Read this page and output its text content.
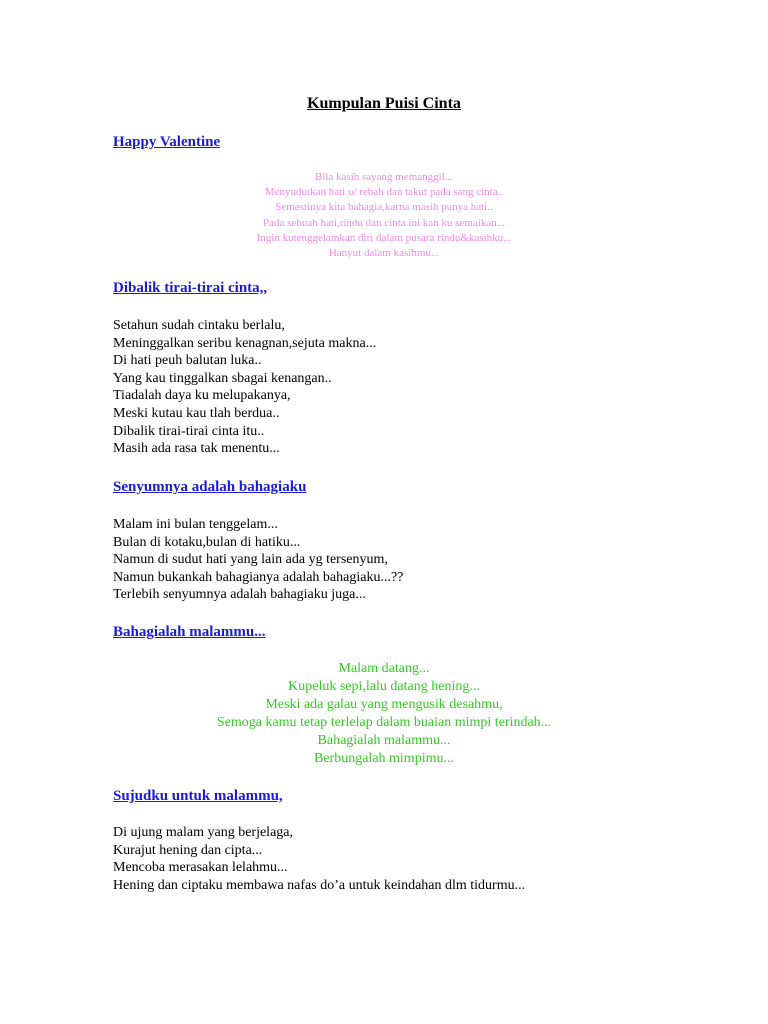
Kumpulan Puisi Cinta
Happy Valentine
Bila kasih sayang memanggil...
Menyudutkan hati u/ rebah dan takut pada sang cinta..
Semestinya kita bahagia,karna masih punya hati..
Pada sebuah hati,rindu dan cinta ini kan ku semaikan...
Ingin kutenggelamkan diri dalam pusara rindu&kasihku...
Hanyut dalam kasihmu...
Dibalik tirai-tirai cinta,,
Setahun sudah cintaku berlalu,
Meninggalkan seribu kenagnan,sejuta makna...
Di hati peuh balutan luka..
Yang kau tinggalkan sbagai kenangan..
Tiadalah daya ku melupakanya,
Meski kutau kau tlah berdua..
Dibalik tirai-tirai cinta itu..
Masih ada rasa tak menentu...
Senyumnya adalah bahagiaku
Malam ini bulan tenggelam...
Bulan di kotaku,bulan di hatiku...
Namun di sudut hati yang lain ada yg tersenyum,
Namun bukankah bahagianya adalah bahagiaku...??
Terlebih senyumnya adalah bahagiaku juga...
Bahagialah malammu...
Malam datang...
Kupeluk sepi,lalu datang hening...
Meski ada galau yang mengusik desahmu,
Semoga kamu tetap terlelap dalam buaian mimpi terindah...
Bahagialah malammu...
Berbungalah mimpimu...
Sujudku untuk malammu,
Di ujung malam yang berjelaga,
Kurajut hening dan cipta...
Mencoba merasakan lelahmu...
Hening dan ciptaku membawa nafas do’a untuk keindahan dlm tidurmu...
